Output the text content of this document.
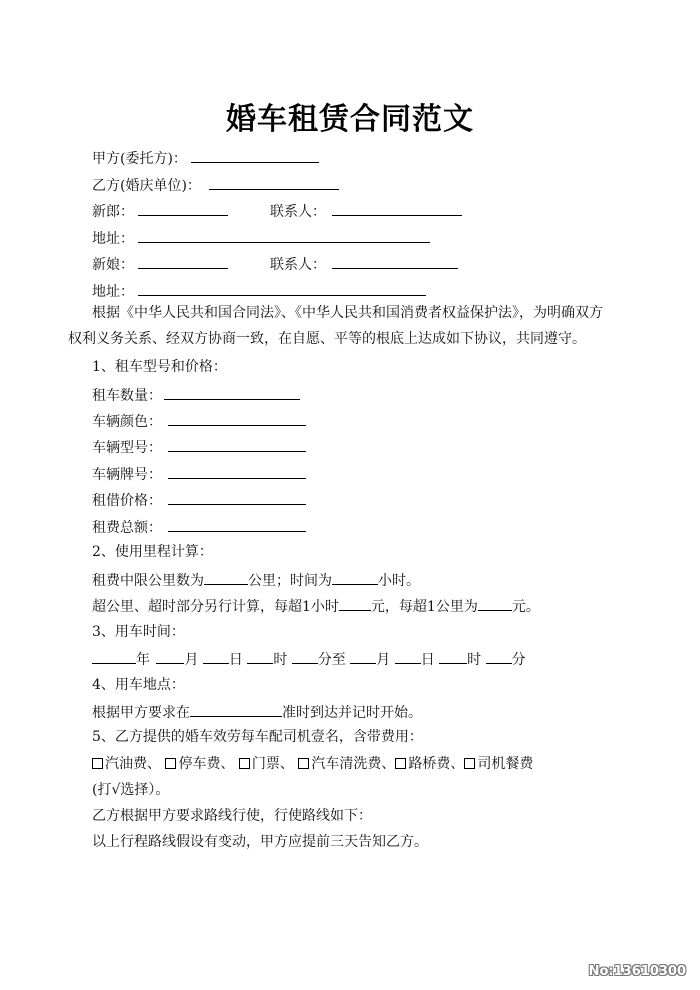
婚车租赁合同范文
甲方(委托方)：
乙方(婚庆单位)：
新郎：	联系人：
地址：
新娘：	联系人：
地址：
根据《中华人民共和国合同法》、《中华人民共和国消费者权益保护法》，为明确双方
权利义务关系、经双方协商一致，在自愿、平等的根底上达成如下协议，共同遵守。
1、租车型号和价格：
租车数量：
车辆颜色：
车辆型号：
车辆牌号：
租借价格：
租费总额：
2、使用里程计算：
租费中限公里数为	公里；时间为	小时。
超公里、超时部分另行计算，每超1小时 元，每超1公里为 元。
3、用车时间：
年 月 日 时 分至 月 日 时 分
4、用车地点：
根据甲方要求在	准时到达并记时开始。
5、乙方提供的婚车效劳每车配司机壹名，含带费用：
汽油费、 停车费、 门票、 汽车清洗费、 路桥费、 司机餐费
(打√选择）。
乙方根据甲方要求路线行使，行使路线如下：
以上行程路线假设有变动，甲方应提前三天告知乙方。
No:13610300
